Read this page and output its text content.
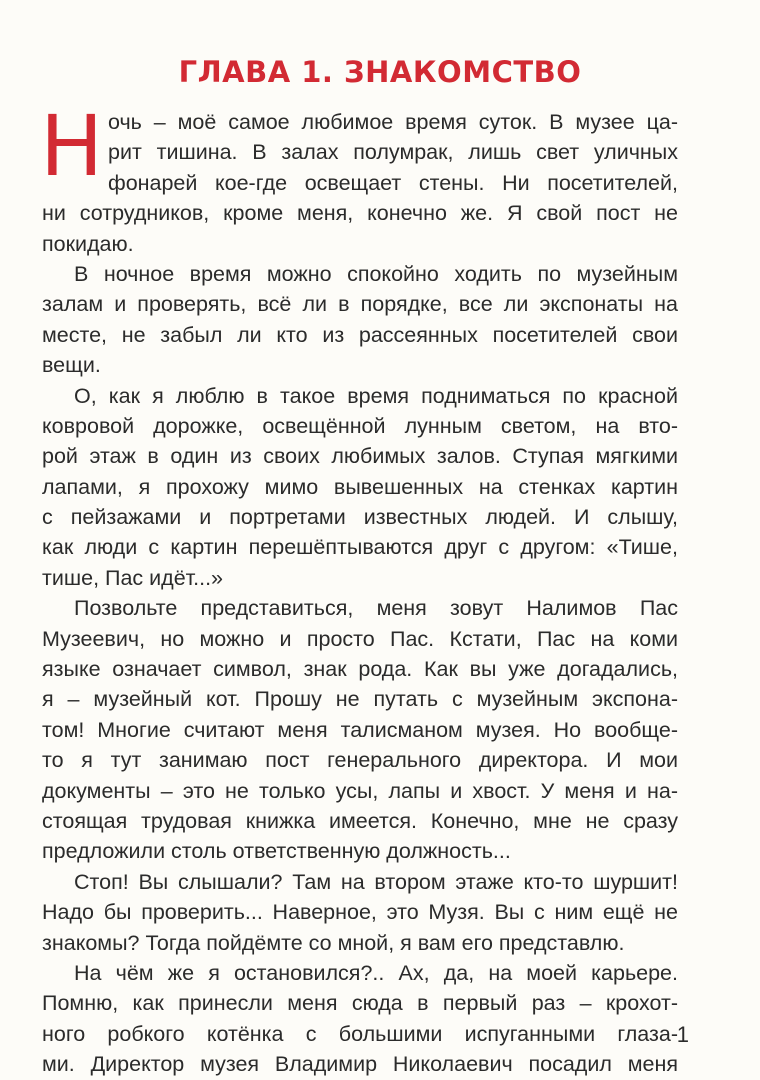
ГЛАВА 1. ЗНАКОМСТВО
Н очь – моё самое любимое время суток. В музее ца-
рит тишина. В залах полумрак, лишь свет уличных
фонарей кое-где освещает стены. Ни посетителей,
ни сотрудников, кроме меня, конечно же. Я свой пост не
покидаю.
В ночное время можно спокойно ходить по музейным
залам и проверять, всё ли в порядке, все ли экспонаты на
месте, не забыл ли кто из рассеянных посетителей свои
вещи.
О, как я люблю в такое время подниматься по красной
ковровой дорожке, освещённой лунным светом, на вто-
рой этаж в один из своих любимых залов. Ступая мягкими
лапами, я прохожу мимо вывешенных на стенках картин
с пейзажами и портретами известных людей. И слышу,
как люди с картин перешёптываются друг с другом: «Тише,
тише, Пас идёт...»
Позвольте представиться, меня зовут Налимов Пас
Музеевич, но можно и просто Пас. Кстати, Пас на коми
языке означает символ, знак рода. Как вы уже догадались,
я – музейный кот. Прошу не путать с музейным экспона-
том! Многие считают меня талисманом музея. Но вообще-
то я тут занимаю пост генерального директора. И мои
документы – это не только усы, лапы и хвост. У меня и на-
стоящая трудовая книжка имеется. Конечно, мне не сразу
предложили столь ответственную должность...
Стоп! Вы слышали? Там на втором этаже кто-то шуршит!
Надо бы проверить... Наверное, это Музя. Вы с ним ещё не
знакомы? Тогда пойдёмте со мной, я вам его представлю.
На чём же я остановился?.. Ах, да, на моей карьере.
Помню, как принесли меня сюда в первый раз – крохот-
ного робкого котёнка с большими испуганными глаза-
ми. Директор музея Владимир Николаевич посадил меня
1
